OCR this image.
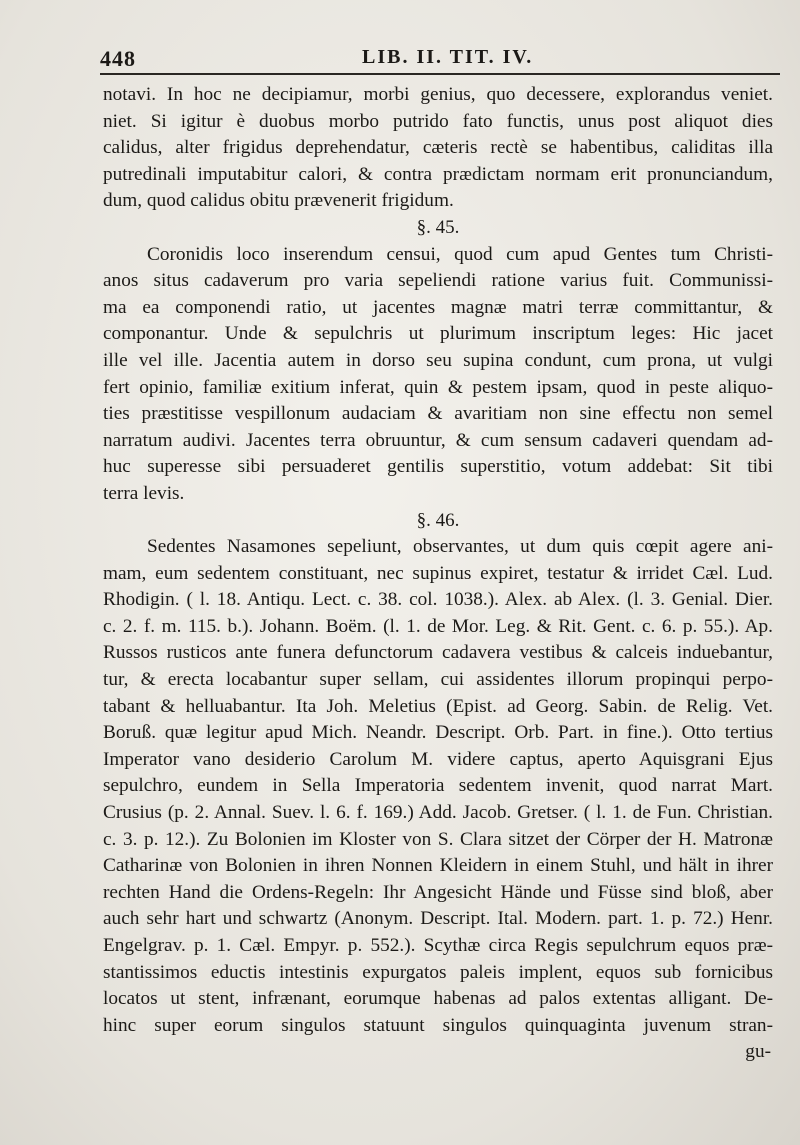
448	LIB. II. TIT. IV.
notavi. In hoc ne decipiamur, morbi genius, quo decessere, explorandus veniet.
niet. Si igitur è duobus morbo putrido fato functis, unus post aliquot dies
calidus, alter frigidus deprehendatur, cæteris rectè se habentibus, caliditas illa
putredinali imputabitur calori, & contra prædictam normam erit pronunciandum,
dum, quod calidus obitu prævenerit frigidum.
§. 45.
Coronidis loco inserendum censui, quod cum apud Gentes tum Christi-
anos situs cadaverum pro varia sepeliendi ratione varius fuit. Communissi-
ma ea componendi ratio, ut jacentes magnæ matri terræ committantur, &
componantur. Unde & sepulchris ut plurimum inscriptum leges: Hic jacet
ille vel ille. Jacentia autem in dorso seu supina condunt, cum prona, ut vulgi
fert opinio, familiæ exitium inferat, quin & pestem ipsam, quod in peste aliquo-
ties præstitisse vespillonum audaciam & avaritiam non sine effectu non semel
narratum audivi. Jacentes terra obruuntur, & cum sensum cadaveri quendam ad-
huc superesse sibi persuaderet gentilis superstitio, votum addebat: Sit tibi
terra levis.
§. 46.
Sedentes Nasamones sepeliunt, observantes, ut dum quis cœpit agere ani-
mam, eum sedentem constituant, nec supinus expiret, testatur & irridet Cæl. Lud.
Rhodigin. ( l. 18. Antiqu. Lect. c. 38. col. 1038.). Alex. ab Alex. (l. 3. Genial. Dier.
c. 2. f. m. 115. b.). Johann. Boëm. (l. 1. de Mor. Leg. & Rit. Gent. c. 6. p. 55.). Ap.
Russos rusticos ante funera defunctorum cadavera vestibus & calceis induebantur,
tur, & erecta locabantur super sellam, cui assidentes illorum propinqui perpo-
tabant & helluabantur. Ita Joh. Meletius (Epist. ad Georg. Sabin. de Relig. Vet.
Boruß. quæ legitur apud Mich. Neandr. Descript. Orb. Part. in fine.). Otto tertius
Imperator vano desiderio Carolum M. videre captus, aperto Aquisgrani Ejus
sepulchro, eundem in Sella Imperatoria sedentem invenit, quod narrat Mart.
Crusius (p. 2. Annal. Suev. l. 6. f. 169.) Add. Jacob. Gretser. ( l. 1. de Fun. Christian.
c. 3. p. 12.). Zu Bolonien im Kloster von S. Clara sitzet der Cörper der H. Matronæ
Catharinæ von Bolonien in ihren Nonnen Kleidern in einem Stuhl, und hält in ihrer
rechten Hand die Ordens-Regeln: Ihr Angesicht Hände und Füsse sind bloß, aber
auch sehr hart und schwartz (Anonym. Descript. Ital. Modern. part. 1. p. 72.) Henr.
Engelgrav. p. 1. Cæl. Empyr. p. 552.). Scythæ circa Regis sepulchrum equos præ-
stantissimos eductis intestinis expurgatos paleis implent, equos sub fornicibus
locatos ut stent, infrænant, eorumque habenas ad palos extentas alligant. De-
hinc super eorum singulos statuunt singulos quinquaginta juvenum stran-
gu-
